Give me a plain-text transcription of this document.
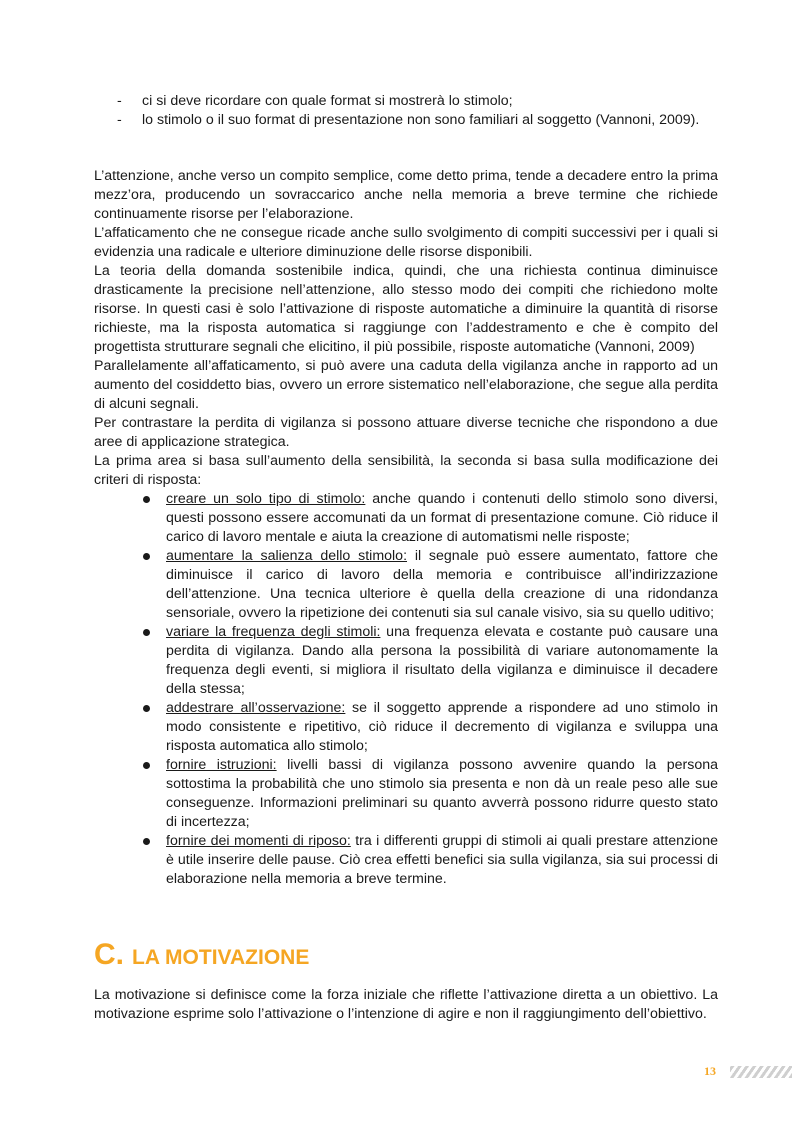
- ci si deve ricordare con quale format si mostrerà lo stimolo;
- lo stimolo o il suo format di presentazione non sono familiari al soggetto (Vannoni, 2009).

L’attenzione, anche verso un compito semplice, come detto prima, tende a decadere entro la prima mezz’ora, producendo un sovraccarico anche nella memoria a breve termine che richiede continuamente risorse per l’elaborazione.

L’affaticamento che ne consegue ricade anche sullo svolgimento di compiti successivi per i quali si evidenzia una radicale e ulteriore diminuzione delle risorse disponibili.

La teoria della domanda sostenibile indica, quindi, che una richiesta continua diminuisce drasticamente la precisione nell’attenzione, allo stesso modo dei compiti che richiedono molte risorse. In questi casi è solo l’attivazione di risposte automatiche a diminuire la quantità di risorse richieste, ma la risposta automatica si raggiunge con l’addestramento e che è compito del progettista strutturare segnali che elicitino, il più possibile, risposte automatiche (Vannoni, 2009)

Parallelamente all’affaticamento, si può avere una caduta della vigilanza anche in rapporto ad un aumento del cosiddetto bias, ovvero un errore sistematico nell’elaborazione, che segue alla perdita di alcuni segnali.

Per contrastare la perdita di vigilanza si possono attuare diverse tecniche che rispondono a due aree di applicazione strategica.

La prima area si basa sull’aumento della sensibilità, la seconda si basa sulla modificazione dei criteri di risposta:

creare un solo tipo di stimolo: anche quando i contenuti dello stimolo sono diversi, questi possono essere accomunati da un format di presentazione comune. Ciò riduce il carico di lavoro mentale e aiuta la creazione di automatismi nelle risposte;
aumentare la salienza dello stimolo: il segnale può essere aumentato, fattore che diminuisce il carico di lavoro della memoria e contribuisce all’indirizzazione dell’attenzione. Una tecnica ulteriore è quella della creazione di una ridondanza sensoriale, ovvero la ripetizione dei contenuti sia sul canale visivo, sia su quello uditivo;
variare la frequenza degli stimoli: una frequenza elevata e costante può causare una perdita di vigilanza. Dando alla persona la possibilità di variare autonomamente la frequenza degli eventi, si migliora il risultato della vigilanza e diminuisce il decadere della stessa;
addestrare all’osservazione: se il soggetto apprende a rispondere ad uno stimolo in modo consistente e ripetitivo, ciò riduce il decremento di vigilanza e sviluppa una risposta automatica allo stimolo;
fornire istruzioni: livelli bassi di vigilanza possono avvenire quando la persona sottostima la probabilità che uno stimolo sia presenta e non dà un reale peso alle sue conseguenze. Informazioni preliminari su quanto avverrà possono ridurre questo stato di incertezza;
fornire dei momenti di riposo: tra i differenti gruppi di stimoli ai quali prestare attenzione è utile inserire delle pause. Ciò crea effetti benefici sia sulla vigilanza, sia sui processi di elaborazione nella memoria a breve termine.
C. LA MOTIVAZIONE

La motivazione si definisce come la forza iniziale che riflette l’attivazione diretta a un obiettivo. La motivazione esprime solo l’attivazione o l’intenzione di agire e non il raggiungimento dell’obiettivo.

13
